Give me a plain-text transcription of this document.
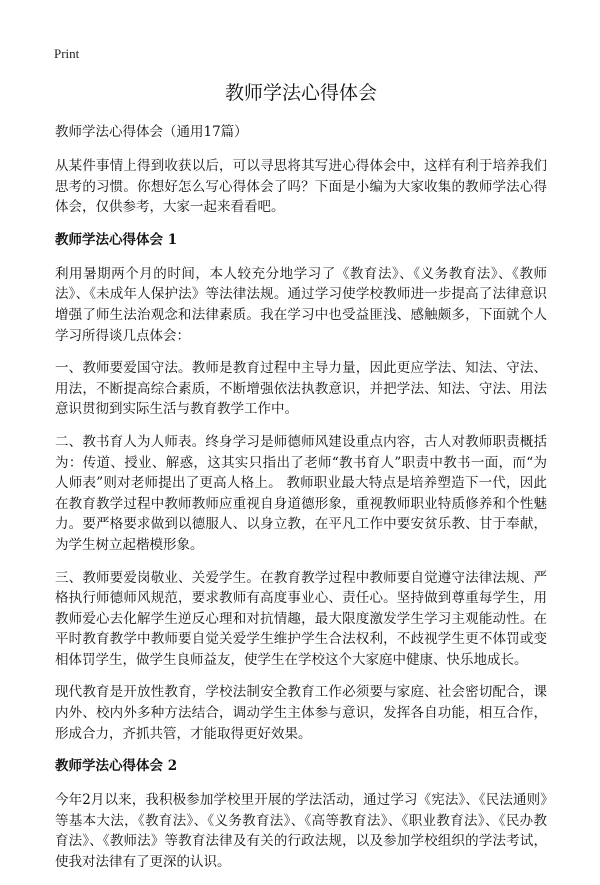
Print
教师学法心得体会
教师学法心得体会（通用17篇）

从某件事情上得到收获以后，可以寻思将其写进心得体会中，这样有利于培养我们思考的习惯。你想好怎么写心得体会了吗？下面是小编为大家收集的教师学法心得体会，仅供参考，大家一起来看看吧。

教师学法心得体会 1

利用暑期两个月的时间，本人较充分地学习了《教育法》、《义务教育法》、《教师法》、《未成年人保护法》等法律法规。通过学习使学校教师进一步提高了法律意识增强了师生法治观念和法律素质。我在学习中也受益匪浅、感触颇多，下面就个人学习所得谈几点体会：

一、教师要爱国守法。教师是教育过程中主导力量，因此更应学法、知法、守法、用法，不断提高综合素质，不断增强依法执教意识，并把学法、知法、守法、用法意识贯彻到实际生活与教育教学工作中。

二、教书育人为人师表。终身学习是师德师风建设重点内容，古人对教师职责概括为：传道、授业、解惑，这其实只指出了老师“教书育人”职责中教书一面，而“为人师表”则对老师提出了更高人格上。 教师职业最大特点是培养塑造下一代，因此在教育教学过程中教师教师应重视自身道德形象，重视教师职业特质修养和个性魅力。要严格要求做到以德服人、以身立教，在平凡工作中要安贫乐教、甘于奉献，为学生树立起楷模形象。

三、教师要爱岗敬业、关爱学生。在教育教学过程中教师要自觉遵守法律法规、严格执行师德师风规范，要求教师有高度事业心、责任心。坚持做到尊重每学生，用教师爱心去化解学生逆反心理和对抗情趣，最大限度激发学生学习主观能动性。在平时教育教学中教师要自觉关爱学生维护学生合法权利，不歧视学生更不体罚或变相体罚学生，做学生良师益友，使学生在学校这个大家庭中健康、快乐地成长。

现代教育是开放性教育，学校法制安全教育工作必须要与家庭、社会密切配合，课内外、校内外多种方法结合，调动学生主体参与意识，发挥各自功能，相互合作，形成合力，齐抓共管，才能取得更好效果。

教师学法心得体会 2

今年2月以来，我积极参加学校里开展的学法活动，通过学习《宪法》、《民法通则》等基本大法，《教育法》、《义务教育法》、《高等教育法》、《职业教育法》、《民办教育法》、《教师法》等教育法律及有关的行政法规，以及参加学校组织的学法考试，使我对法律有了更深的认识。
